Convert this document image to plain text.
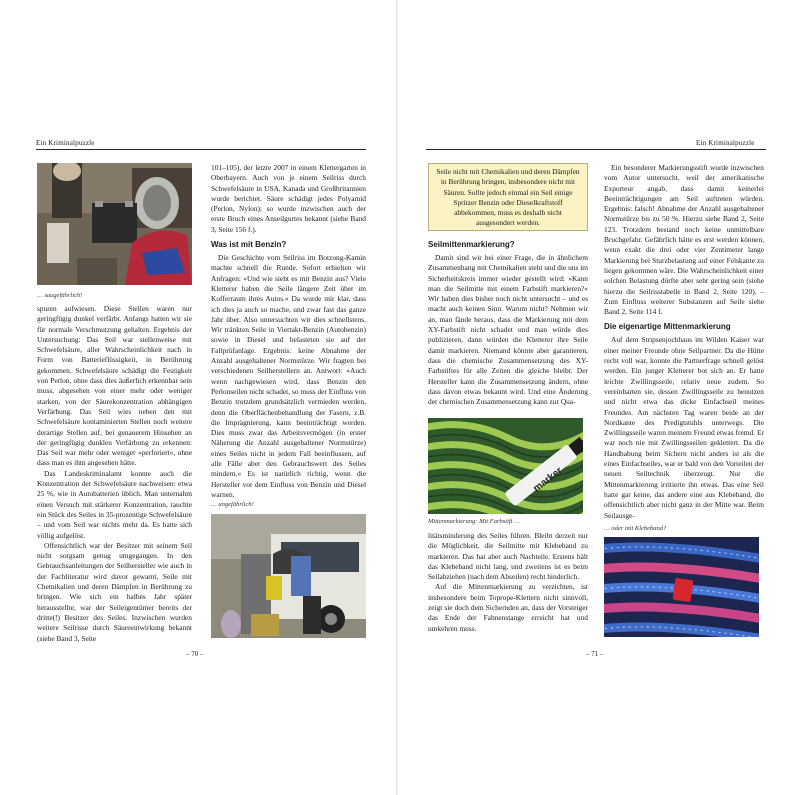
Ein Kriminalpuzzle
… saugefährlich!

spuren aufwiesen. Diese Stellen waren nur geringfügig dunkel verfärbt. Anfangs hatten wir sie für normale Verschmutzung gehalten. Ergebnis der Untersuchung: Das Seil war stellenweise mit Schwefelsäure, aller Wahrscheinlichkeit nach in Form von Batterieflüssigkeit, in Berührung gekommen. Schwefelsäure schädigt die Festigkeit von Perlon, ohne dass dies äußerlich erkennbar sein muss, abgesehen von einer mehr oder weniger starken, von der Säurekonzentration abhängigen Verfärbung. Das Seil wies neben den mit Schwefelsäure kontaminierten Stellen noch weitere derartige Stellen auf, bei genauerem Hinsehen an der geringfügig dunklen Verfärbung zu erkennen: Das Seil war mehr oder weniger »perforiert«, ohne dass man es ihm angesehen hätte.

Das Landeskriminalamt konnte auch die Konzentration der Schwefelsäure nachweisen: etwa 25 %, wie in Autobatterien üblich. Man unternahm einen Versuch mit stärkerer Konzentration, tauchte ein Stück des Seiles in 35-prozentige Schwefelsäure – und vom Seil war nichts mehr da. Es hatte sich völlig aufgelöst.

Offensichtlich war der Besitzer mit seinem Seil nicht sorgsam genug umgegangen. In den Gebrauchsanleitungen der Seilhersteller wie auch in der Fachliteratur wird davor gewarnt, Seile mit Chemikalien und deren Dämpfen in Berührung zu bringen. Wie sich ein halbes Jahr später herausstellte, war der Seileigentümer bereits der dritte(!) Besitzer des Seiles. Inzwischen wurden weitere Seilrisse durch Säureeinwirkung bekannt (siehe Band 3, Seite

101–105), der letzte 2007 in einem Klettergarten in Oberbayern. Auch von je einem Seilriss durch Schwefelsäure in USA, Kanada und Großbritannien wurde berichtet. Säure schädigt jedes Polyamid (Perlon, Nylon); so wurde inzwischen auch der erste Bruch eines Anseilgurtes bekannt (siehe Band 3, Seite 156 f.).

Was ist mit Benzin?

Die Geschichte vom Seilriss im Botzong-Kamin machte schnell die Runde. Sofort erhielten wir Anfragen: »Und wie sieht es mit Benzin aus? Viele Kletterer haben die Seile längere Zeit über im Kofferraum ihres Autos.« Da wurde mir klar, dass ich dies ja auch so mache, und zwar fast das ganze Jahr über. Also untersuchten wir dies schnellstens. Wir tränkten Seile in Viertakt-Benzin (Autobenzin) sowie in Diesel und belasteten sie auf der Fallprüfanlage. Ergebnis: keine Abnahme der Anzahl ausgehaltener Normstürze. Wir fragten bei verschiedenen Seilherstellern an. Antwort: »Auch wenn nachgewiesen wird, dass Benzin den Perlonseilen nicht schadet, so muss der Einfluss von Benzin trotzdem grundsätzlich vermieden werden, denn die Oberflächenbehandlung der Fasern, z.B. die Imprägnierung, kann beeinträchtigt werden. Dies muss zwar das Arbeitsvermögen (in erster Näherung die Anzahl ausgehaltener Normstürze) eines Seiles nicht in jedem Fall beeinflussen, auf alle Fälle aber den Gebrauchswert des Seiles mindern.« Es ist natürlich richtig, wenn die Hersteller vor dem Einfluss von Benzin und Diesel warnen.

… ungefährlich!
– 70 –
Ein Kriminalpuzzle
Seile nicht mit Chemikalien und deren Dämpfen in Berührung bringen, insbesondere nicht mit Säuren. Sollte jedoch einmal ein Seil einige Spritzer Benzin oder Dieselkraftstoff abbekommen, muss es deshalb nicht ausgesondert werden.
Seilmittenmarkierung?

Damit sind wir bei einer Frage, die in ähnlichem Zusammenhang mit Chemikalien steht und die uns im Sicherheitskreis immer wieder gestellt wird: »Kann man die Seilmitte mit einem Farbstift markieren?« Wir haben dies bisher noch nicht untersucht – und es macht auch keinen Sinn. Warum nicht? Nehmen wir an, man fände heraus, dass die Markierung mit dem XY-Farbstift nicht schadet und man würde dies publizieren, dann würden die Kletterer ihre Seile damit markieren. Niemand könnte aber garantieren, dass die chemische Zusammensetzung des XY-Farbstiftes für alle Zeiten die gleiche bleibt. Der Hersteller kann die Zusammensetzung ändern, ohne dass davon etwas bekannt wird. Und eine Änderung der chemischen Zusammensetzung kann zur Qua-

marker
Mittenmarkierung: Mit Farbstift …

litätsminderung des Seiles führen. Bleibt derzeit nur die Möglichkeit, die Seilmitte mit Klebeband zu markieren. Das hat aber auch Nachteile. Erstens hält das Klebeband nicht lang, und zweitens ist es beim Seilabziehen (nach dem Abseilen) recht hinderlich.

Auf die Mittenmarkierung zu verzichten, ist insbesondere beim Toprope-Klettern nicht sinnvoll, zeigt sie doch dem Sichernden an, dass der Vorsteiger das Ende der Fahnenstange erreicht hat und umkehren muss.

Ein besonderer Markierungsstift wurde inzwischen vom Autor untersucht, weil der amerikanische Exporteur angab, dass damit keinerlei Beeinträchtigungen am Seil auftreten würden. Ergebnis: falsch! Abnahme der Anzahl ausgehaltener Normstürze bis zu 50 %. Hierzu siehe Band 2, Seite 123. Trotzdem bestand noch keine unmittelbare Bruchgefahr. Gefährlich hätte es erst werden können, wenn exakt die drei oder vier Zentimeter lange Markierung bei Sturzbelastung auf einer Felskante zu liegen gekommen wäre. Die Wahrscheinlichkeit einer solchen Belastung dürfte aber sehr gering sein (siehe hierzu die Seilrisstabelle in Band 2, Seite 120). – Zum Einfluss weiterer Substanzen auf Seile siehe Band 2, Seite 114 f.

Die eigenartige Mittenmarkierung

Auf dem Stripsenjochhaus im Wilden Kaiser war einer meiner Freunde ohne Seilpartner. Da die Hütte recht voll war, konnte die Partnerfrage schnell gelöst werden. Ein junger Kletterer bot sich an. Er hatte leichte Zwillingsseile, relativ neue zudem. So vereinbarten sie, dessen Zwillingsseile zu benutzen und nicht etwa das dicke Einfachseil meines Freundes. Am nächsten Tag waren beide an der Nordkante des Predigtstuhls unterwegs. Die Zwillingsseile waren meinem Freund etwas fremd. Er war noch nie mit Zwillingsseilen geklettert. Da die Handhabung beim Sichern nicht anders ist als die eines Einfachseiles, war er bald von den Vorteilen der neuen Seiltechnik überzeugt. Nur die Mittenmarkierung irritierte ihn etwas. Das eine Seil hatte gar keine, das andere eine aus Klebeband, die offensichtlich aber nicht ganz in der Mitte war. Beim Seilausge-

… oder mit Klebeband?
– 71 –
